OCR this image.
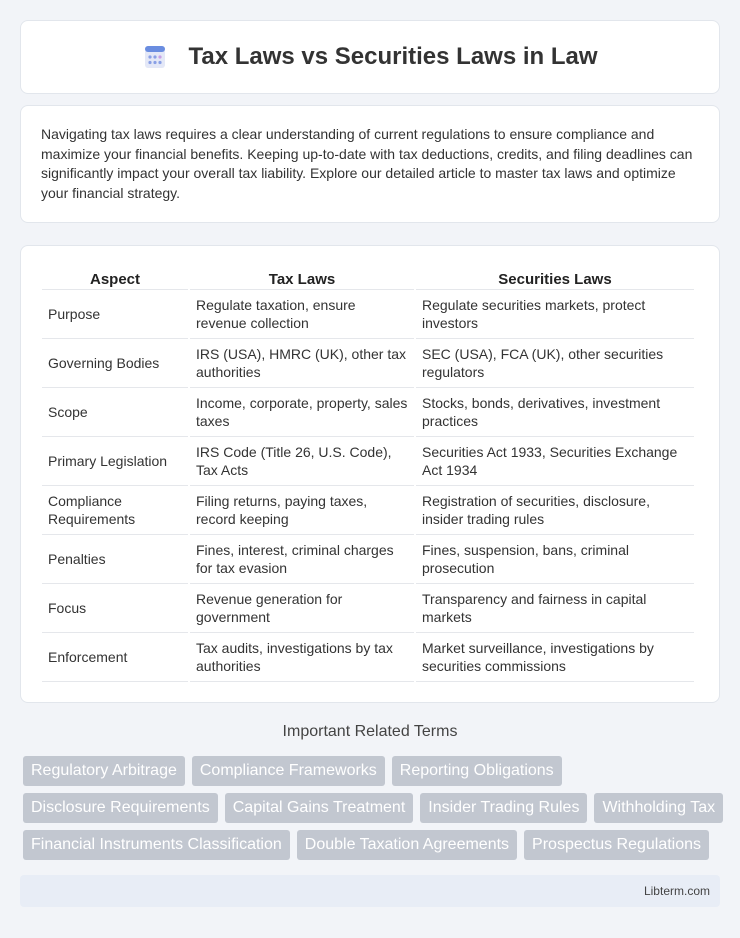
Tax Laws vs Securities Laws in Law

Navigating tax laws requires a clear understanding of current regulations to ensure compliance and maximize your financial benefits. Keeping up-to-date with tax deductions, credits, and filing deadlines can significantly impact your overall tax liability. Explore our detailed article to master tax laws and optimize your financial strategy.

Aspect	Tax Laws	Securities Laws
Purpose	Regulate taxation, ensure revenue collection	Regulate securities markets, protect investors
Governing Bodies	IRS (USA), HMRC (UK), other tax authorities	SEC (USA), FCA (UK), other securities regulators
Scope	Income, corporate, property, sales taxes	Stocks, bonds, derivatives, investment practices
Primary Legislation	IRS Code (Title 26, U.S. Code), Tax Acts	Securities Act 1933, Securities Exchange Act 1934
Compliance Requirements	Filing returns, paying taxes, record keeping	Registration of securities, disclosure, insider trading rules
Penalties	Fines, interest, criminal charges for tax evasion	Fines, suspension, bans, criminal prosecution
Focus	Revenue generation for government	Transparency and fairness in capital markets
Enforcement	Tax audits, investigations by tax authorities	Market surveillance, investigations by securities commissions
Important Related Terms
Regulatory Arbitrage	Compliance Frameworks	Reporting Obligations
Disclosure Requirements	Capital Gains Treatment	Insider Trading Rules	Withholding Tax
Financial Instruments Classification	Double Taxation Agreements	Prospectus Regulations
Libterm.com
